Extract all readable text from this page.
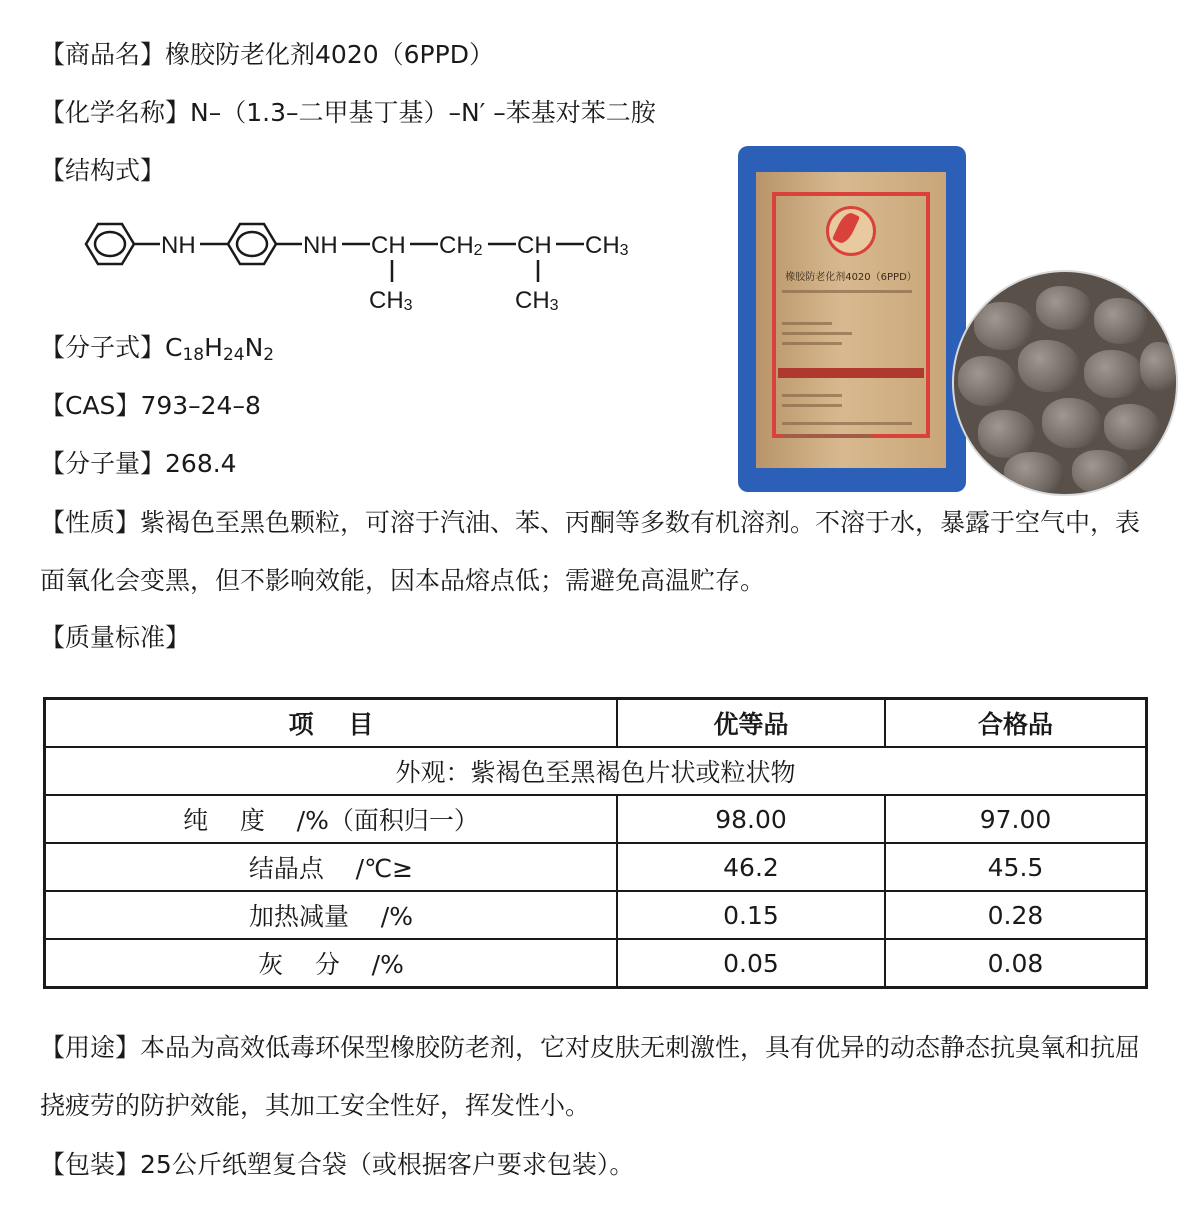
【商品名】橡胶防老化剂4020（6PPD）
【化学名称】N–（1.3–二甲基丁基）–N′ –苯基对苯二胺
【结构式】
NH	NH CH CH2 CH CH3
CH3	CH3
【分子式】$C_{18}H_{24}N_2$
【CAS】793–24–8
【分子量】268.4
橡胶防老化剂4020（6PPD）
【性质】紫褐色至黑色颗粒，可溶于汽油、苯、丙酮等多数有机溶剂。不溶于水，暴露于空气中，表面氧化会变黑，但不影响效能，因本品熔点低；需避免高温贮存。
【质量标准】
项    目	优等品	合格品
外观：紫褐色至黑褐色片状或粒状物		
纯    度    /%（面积归一）	98.00	97.00
结晶点    /℃≥	46.2	45.5
加热减量    /%	0.15	0.28
灰    分    /%	0.05	0.08
【用途】本品为高效低毒环保型橡胶防老剂，它对皮肤无刺激性，具有优异的动态静态抗臭氧和抗屈挠疲劳的防护效能，其加工安全性好，挥发性小。
【包装】25公斤纸塑复合袋（或根据客户要求包装）。
